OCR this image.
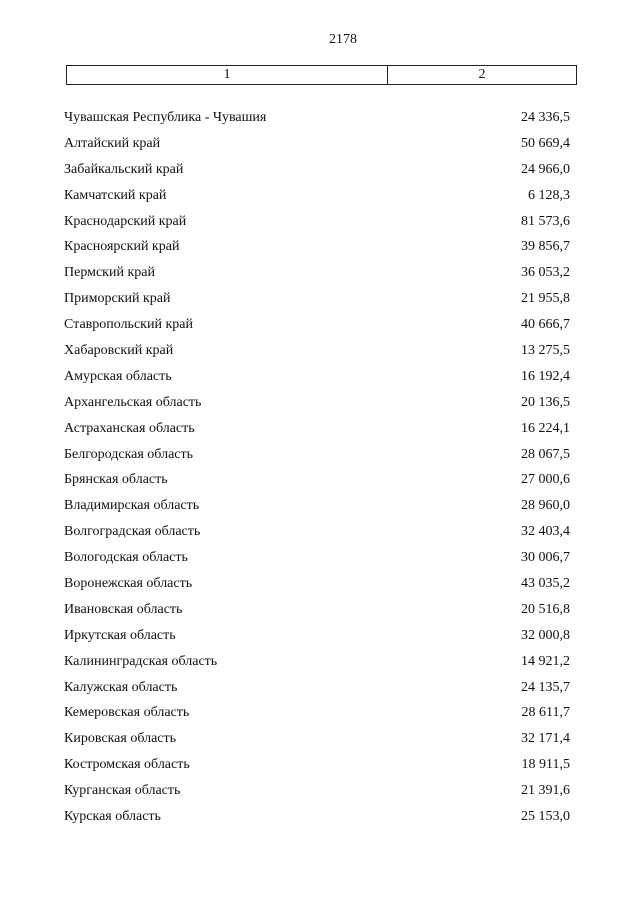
2178
1	2
Чувашская Республика - Чувашия	24 336,5
Алтайский край	50 669,4
Забайкальский край	24 966,0
Камчатский край	6 128,3
Краснодарский край	81 573,6
Красноярский край	39 856,7
Пермский край	36 053,2
Приморский край	21 955,8
Ставропольский край	40 666,7
Хабаровский край	13 275,5
Амурская область	16 192,4
Архангельская область	20 136,5
Астраханская область	16 224,1
Белгородская область	28 067,5
Брянская область	27 000,6
Владимирская область	28 960,0
Волгоградская область	32 403,4
Вологодская область	30 006,7
Воронежская область	43 035,2
Ивановская область	20 516,8
Иркутская область	32 000,8
Калининградская область	14 921,2
Калужская область	24 135,7
Кемеровская область	28 611,7
Кировская область	32 171,4
Костромская область	18 911,5
Курганская область	21 391,6
Курская область	25 153,0
